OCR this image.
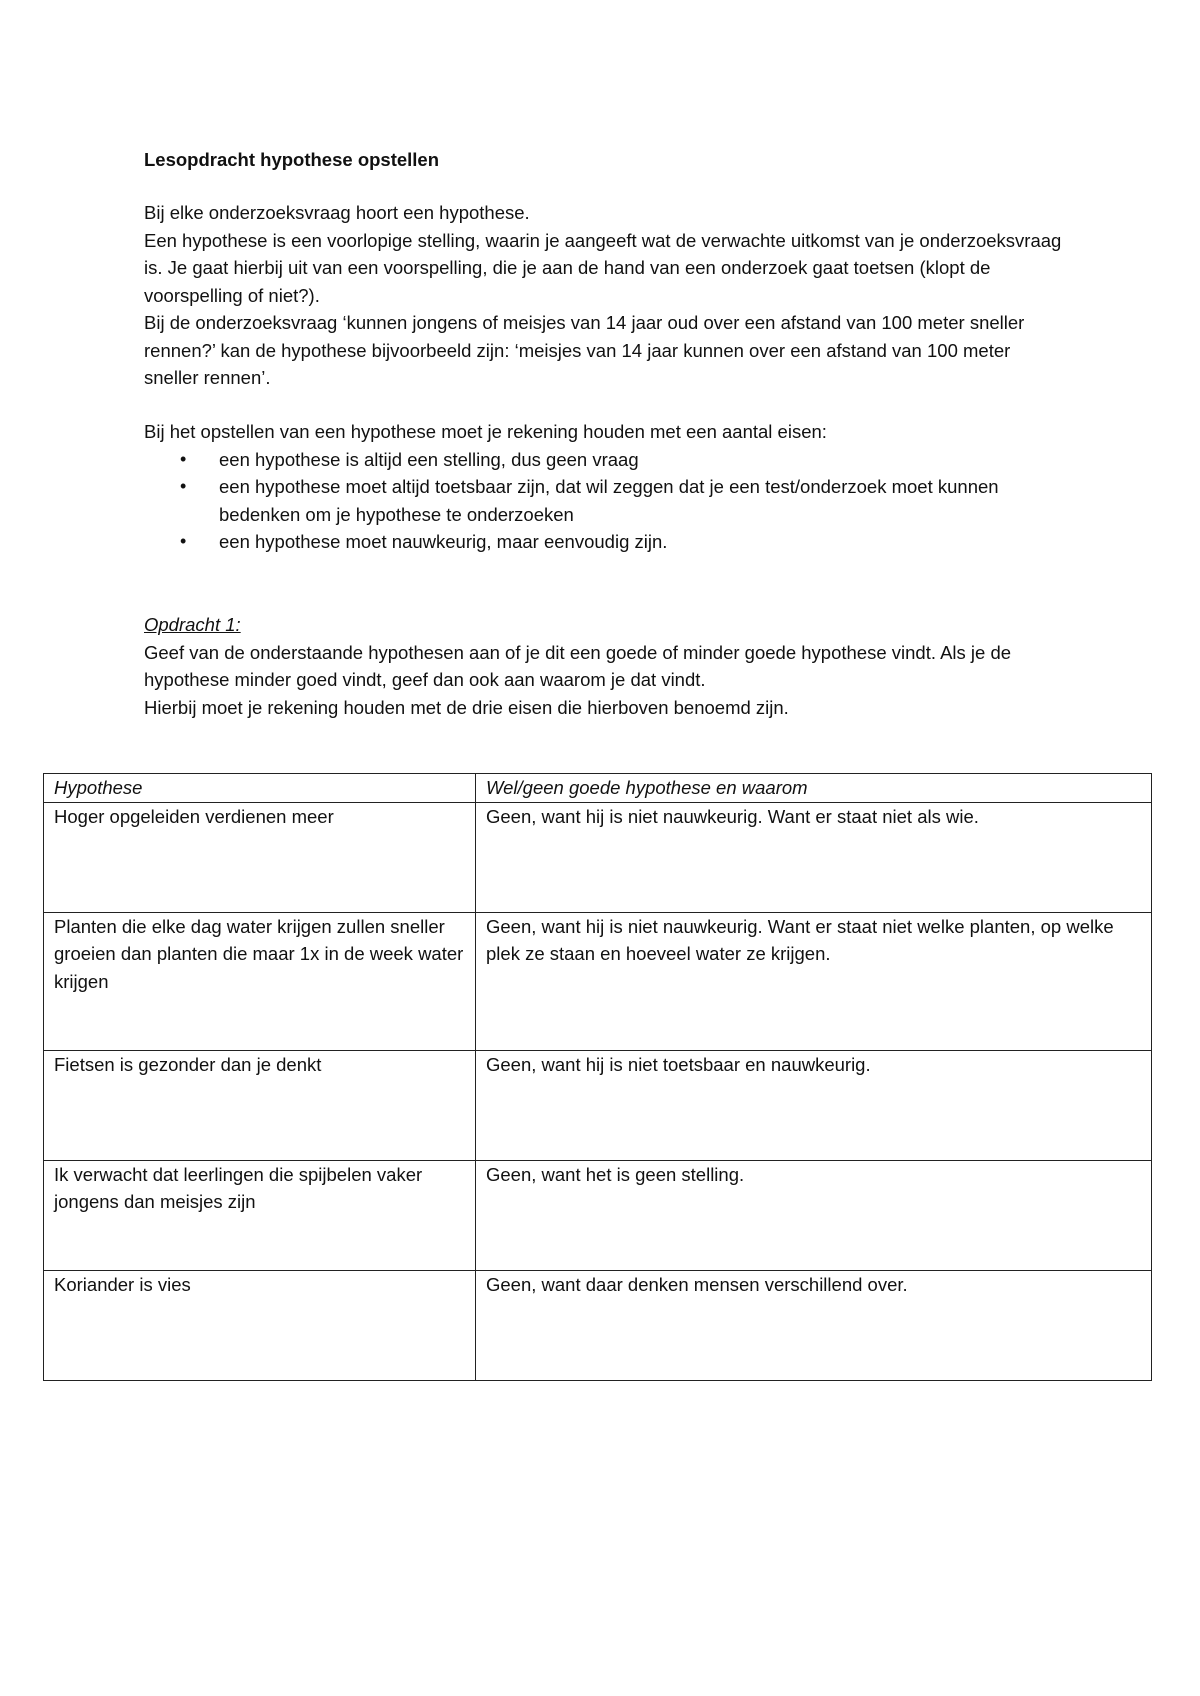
Lesopdracht hypothese opstellen

Bij elke onderzoeksvraag hoort een hypothese.

Een hypothese is een voorlopige stelling, waarin je aangeeft wat de verwachte uitkomst van je onderzoeksvraag is. Je gaat hierbij uit van een voorspelling, die je aan de hand van een onderzoek gaat toetsen (klopt de voorspelling of niet?).

Bij de onderzoeksvraag ‘kunnen jongens of meisjes van 14 jaar oud over een afstand van 100 meter sneller rennen?’ kan de hypothese bijvoorbeeld zijn: ‘meisjes van 14 jaar kunnen over een afstand van 100 meter sneller rennen’.

Bij het opstellen van een hypothese moet je rekening houden met een aantal eisen:

• een hypothese is altijd een stelling, dus geen vraag
• een hypothese moet altijd toetsbaar zijn, dat wil zeggen dat je een test/onderzoek moet kunnen bedenken om je hypothese te onderzoeken
• een hypothese moet nauwkeurig, maar eenvoudig zijn.

Opdracht 1:

Geef van de onderstaande hypothesen aan of je dit een goede of minder goede hypothese vindt. Als je de hypothese minder goed vindt, geef dan ook aan waarom je dat vindt.

Hierbij moet je rekening houden met de drie eisen die hierboven benoemd zijn.

Hypothese	Wel/geen goede hypothese en waarom
Hoger opgeleiden verdienen meer	Geen, want hij is niet nauwkeurig. Want er staat niet als wie.
Planten die elke dag water krijgen zullen sneller groeien dan planten die maar 1x in de week water krijgen	Geen, want hij is niet nauwkeurig. Want er staat niet welke planten, op welke plek ze staan en hoeveel water ze krijgen.
Fietsen is gezonder dan je denkt	Geen, want hij is niet toetsbaar en nauwkeurig.
Ik verwacht dat leerlingen die spijbelen vaker jongens dan meisjes zijn	Geen, want het is geen stelling.
Koriander is vies	Geen, want daar denken mensen verschillend over.
